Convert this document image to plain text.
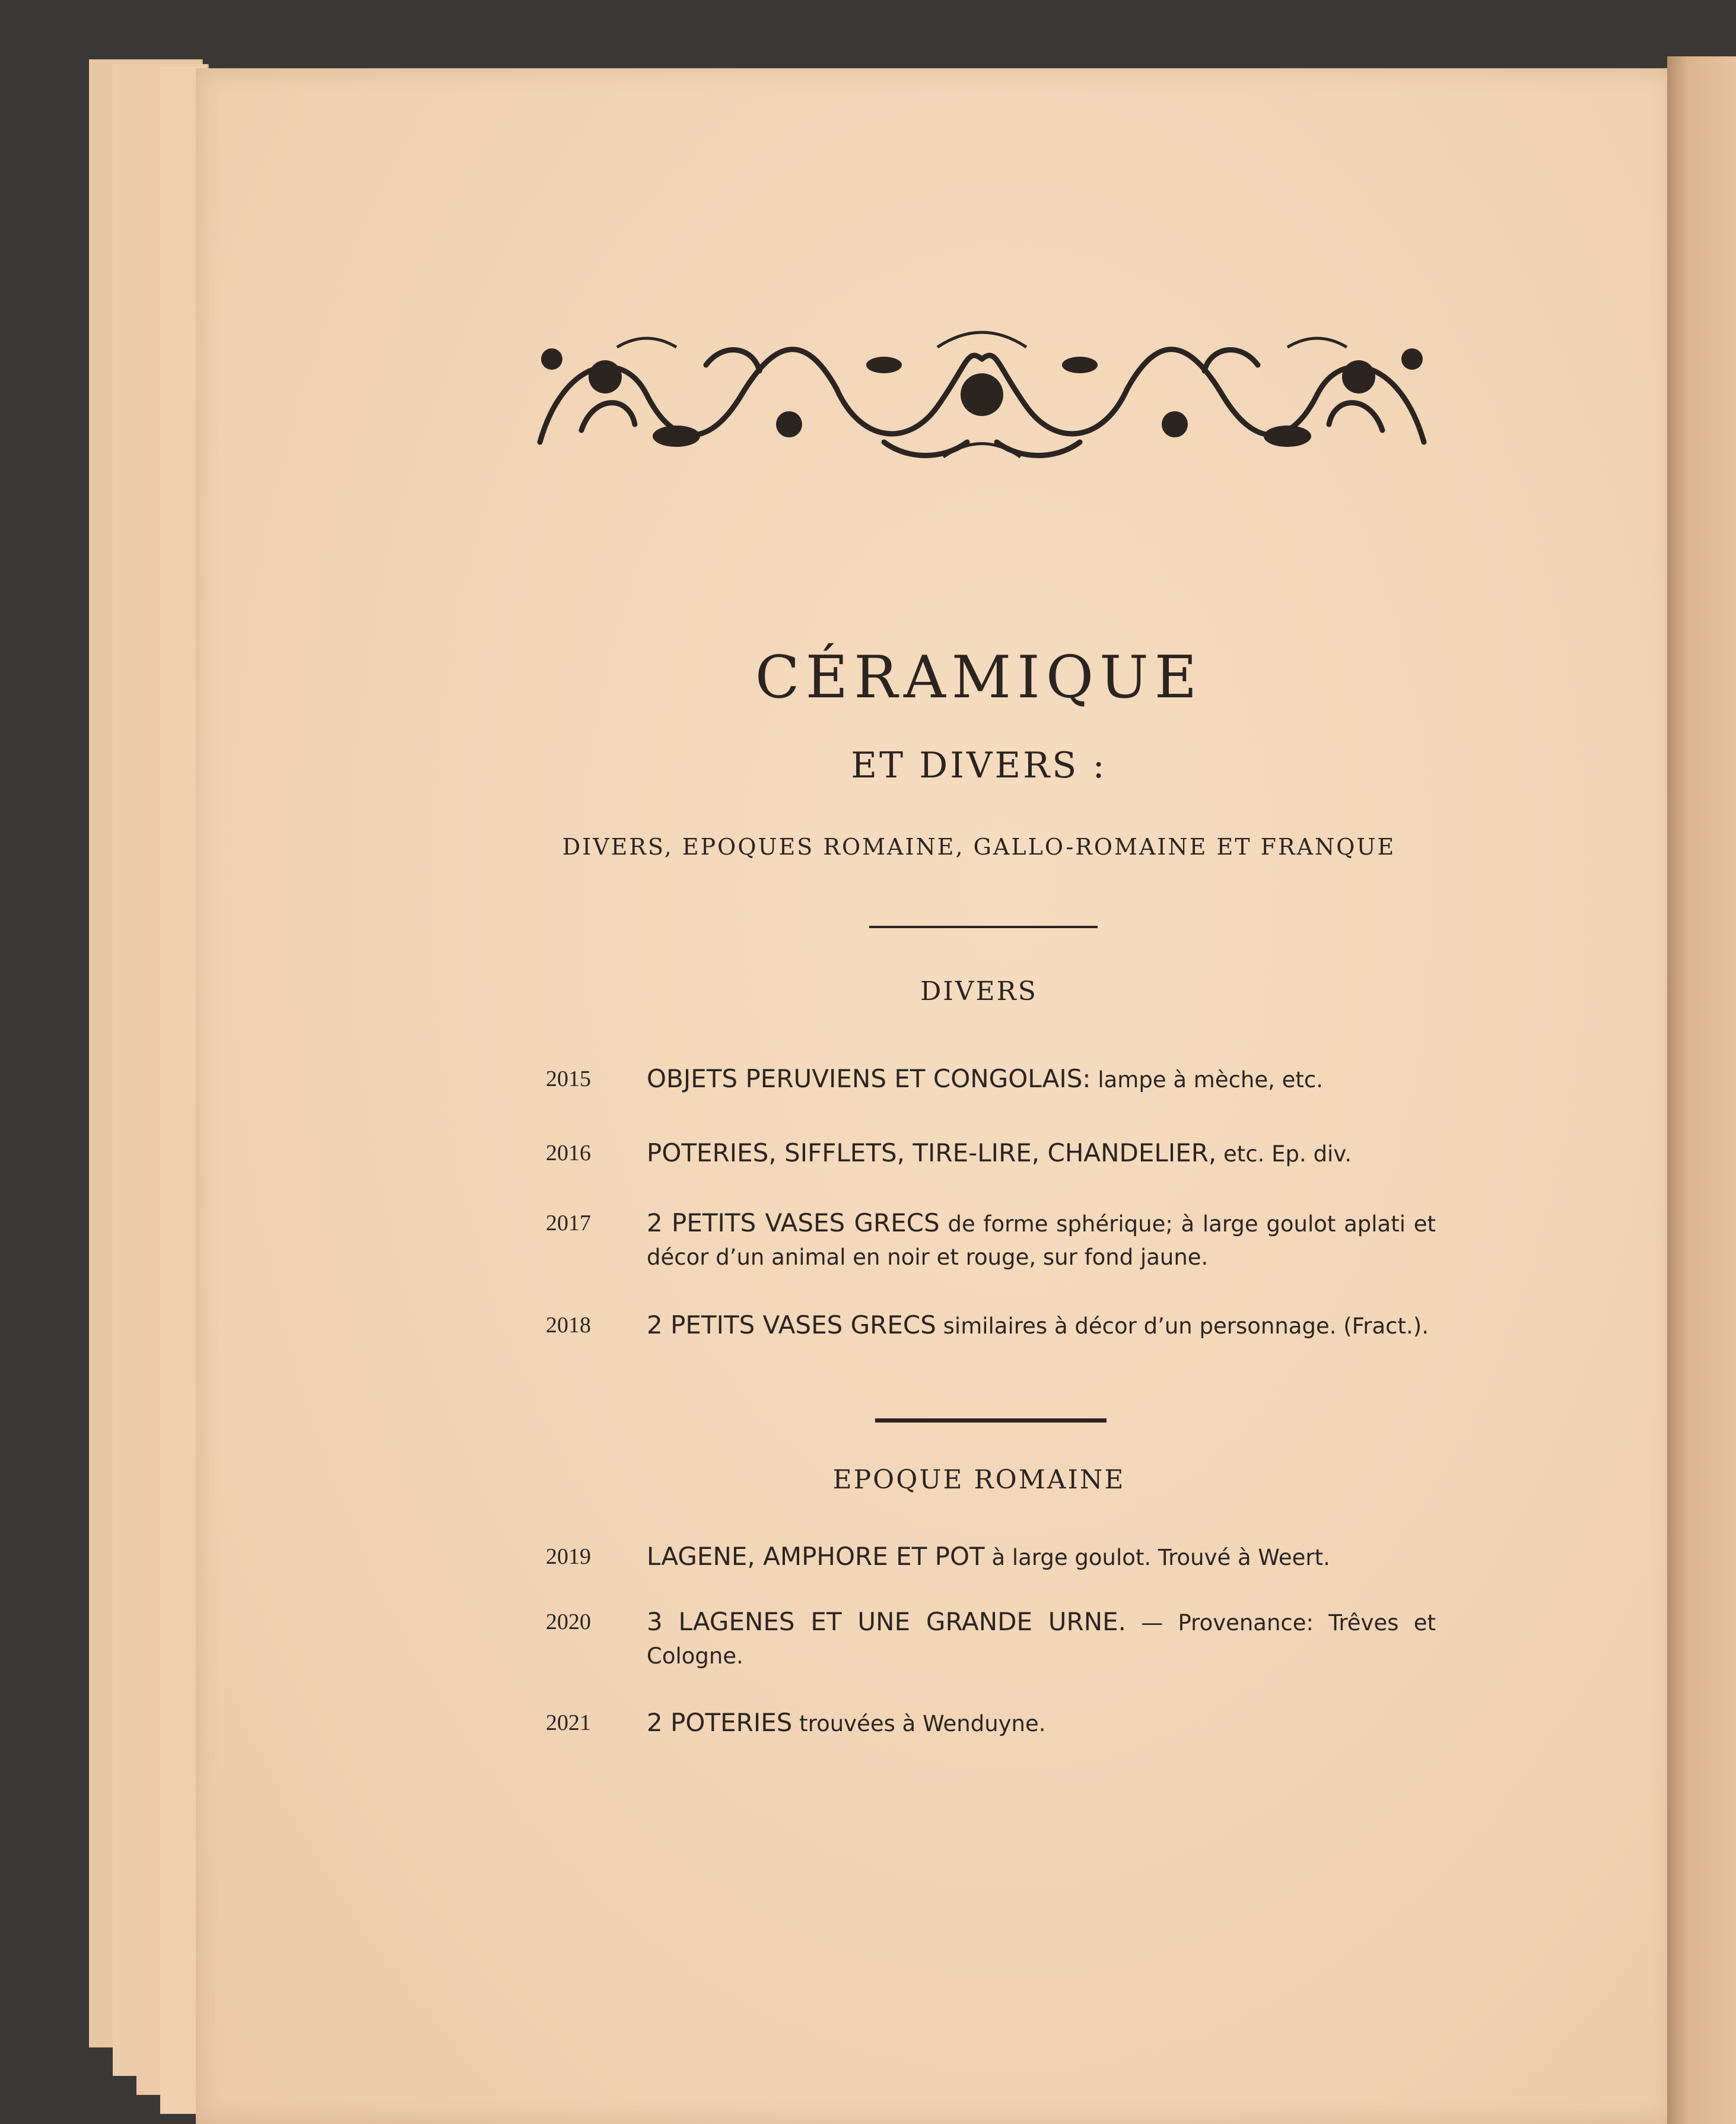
CÉRAMIQUE
ET DIVERS :
DIVERS, EPOQUES ROMAINE, GALLO-ROMAINE ET FRANQUE
DIVERS
2015 OBJETS PERUVIENS ET CONGOLAIS: lampe à mèche, etc.
2016 POTERIES, SIFFLETS, TIRE-LIRE, CHANDELIER, etc. Ep. div.
2017 2 PETITS VASES GRECS de forme sphérique; à large goulot aplati et décor d’un animal en noir et rouge, sur fond jaune.
2018 2 PETITS VASES GRECS similaires à décor d’un personnage. (Fract.).
EPOQUE ROMAINE
2019 LAGENE, AMPHORE ET POT à large goulot. Trouvé à Weert.
2020 3 LAGENES ET UNE GRANDE URNE. — Provenance: Trêves et Cologne.
2021 2 POTERIES trouvées à Wenduyne.
